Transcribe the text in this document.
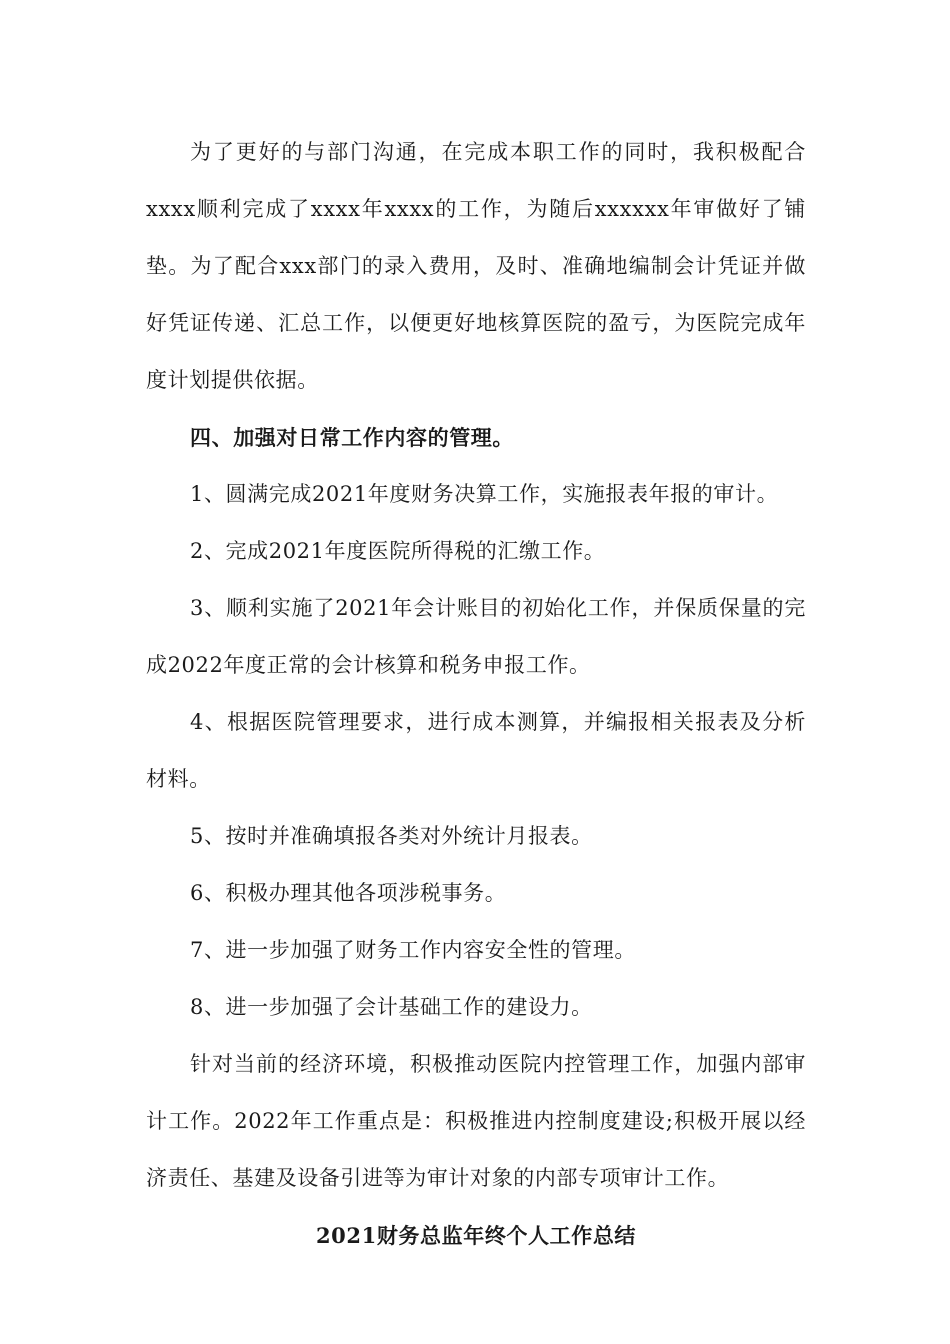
为了更好的与部门沟通，在完成本职工作的同时，我积极配合xxxx顺利完成了xxxx年xxxx的工作，为随后xxxxxx年审做好了铺垫。为了配合xxx部门的录入费用，及时、准确地编制会计凭证并做好凭证传递、汇总工作，以便更好地核算医院的盈亏，为医院完成年度计划提供依据。

四、加强对日常工作内容的管理。

1、圆满完成2021年度财务决算工作，实施报表年报的审计。

2、完成2021年度医院所得税的汇缴工作。

3、顺利实施了2021年会计账目的初始化工作，并保质保量的完成2022年度正常的会计核算和税务申报工作。

4、根据医院管理要求，进行成本测算，并编报相关报表及分析材料。

5、按时并准确填报各类对外统计月报表。

6、积极办理其他各项涉税事务。

7、进一步加强了财务工作内容安全性的管理。

8、进一步加强了会计基础工作的建设力。

针对当前的经济环境，积极推动医院内控管理工作，加强内部审计工作。2022年工作重点是：积极推进内控制度建设;积极开展以经济责任、基建及设备引进等为审计对象的内部专项审计工作。

2021财务总监年终个人工作总结
